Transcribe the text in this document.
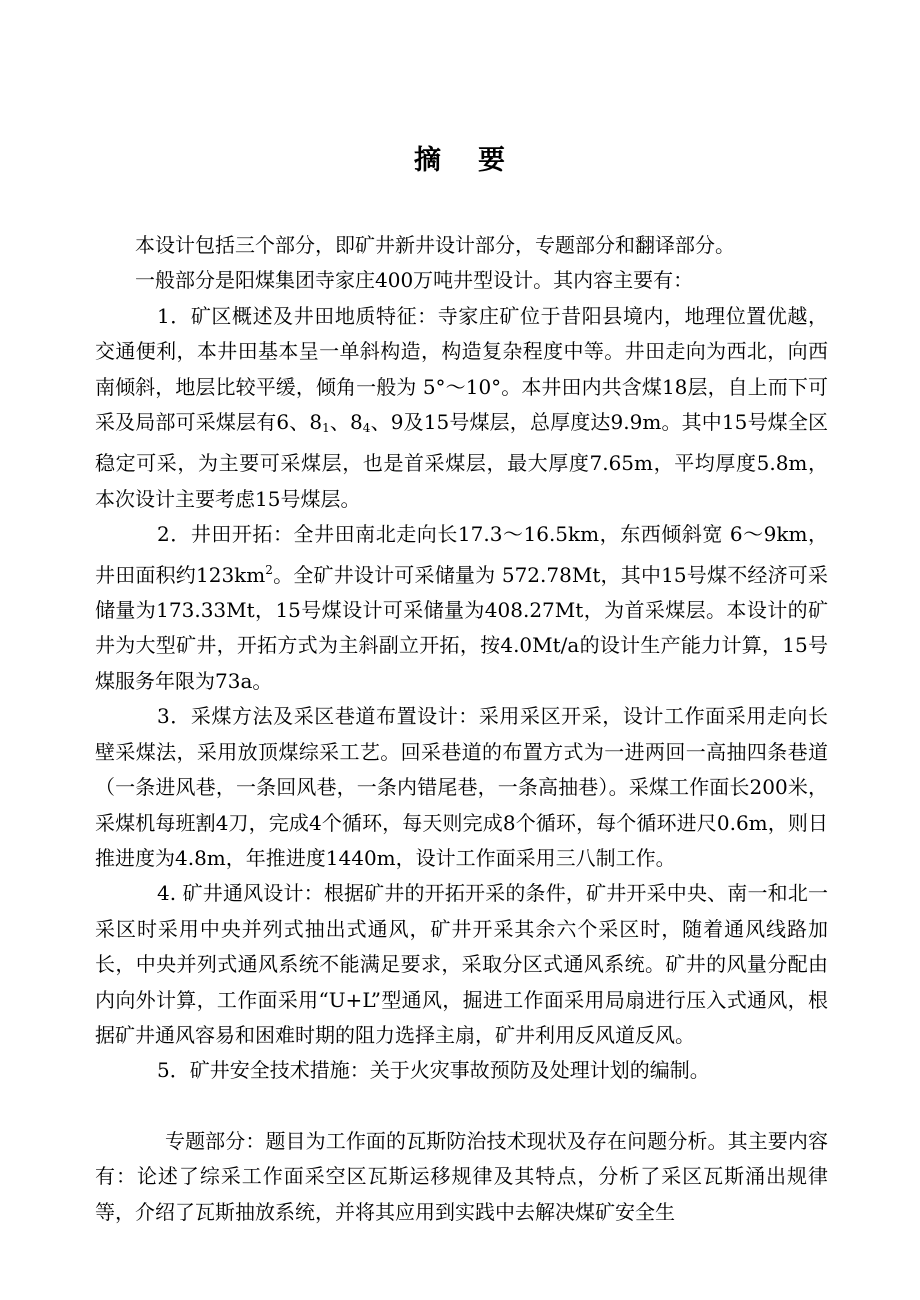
摘 要

本设计包括三个部分，即矿井新井设计部分，专题部分和翻译部分。

一般部分是阳煤集团寺家庄400万吨井型设计。其内容主要有：

1．矿区概述及井田地质特征：寺家庄矿位于昔阳县境内，地理位置优越，交通便利，本井田基本呈一单斜构造，构造复杂程度中等。井田走向为西北，向西南倾斜，地层比较平缓，倾角一般为 5°～10°。本井田内共含煤18层，自上而下可采及局部可采煤层有6、$8_1$、$8_4$、9及15号煤层，总厚度达9.9m。其中15号煤全区稳定可采，为主要可采煤层，也是首采煤层，最大厚度7.65m，平均厚度5.8m，本次设计主要考虑15号煤层。

2．井田开拓：全井田南北走向长17.3～16.5km，东西倾斜宽 6～9km，井田面积约$123km^2$。全矿井设计可采储量为 572.78Mt，其中15号煤不经济可采储量为173.33Mt，15号煤设计可采储量为408.27Mt，为首采煤层。本设计的矿井为大型矿井，开拓方式为主斜副立开拓，按4.0Mt/a的设计生产能力计算，15号煤服务年限为73a。

3．采煤方法及采区巷道布置设计：采用采区开采，设计工作面采用走向长壁采煤法，采用放顶煤综采工艺。回采巷道的布置方式为一进两回一高抽四条巷道（一条进风巷，一条回风巷，一条内错尾巷，一条高抽巷）。采煤工作面长200米，采煤机每班割4刀，完成4个循环，每天则完成8个循环，每个循环进尺0.6m，则日推进度为4.8m，年推进度1440m，设计工作面采用三八制工作。

4. 矿井通风设计：根据矿井的开拓开采的条件，矿井开采中央、南一和北一采区时采用中央并列式抽出式通风，矿井开采其余六个采区时，随着通风线路加长，中央并列式通风系统不能满足要求，采取分区式通风系统。矿井的风量分配由内向外计算，工作面采用“U+L”型通风，掘进工作面采用局扇进行压入式通风，根据矿井通风容易和困难时期的阻力选择主扇，矿井利用反风道反风。

5．矿井安全技术措施：关于火灾事故预防及处理计划的编制。

专题部分：题目为工作面的瓦斯防治技术现状及存在问题分析。其主要内容有：论述了综采工作面采空区瓦斯运移规律及其特点，分析了采区瓦斯涌出规律等，介绍了瓦斯抽放系统，并将其应用到实践中去解决煤矿安全生
